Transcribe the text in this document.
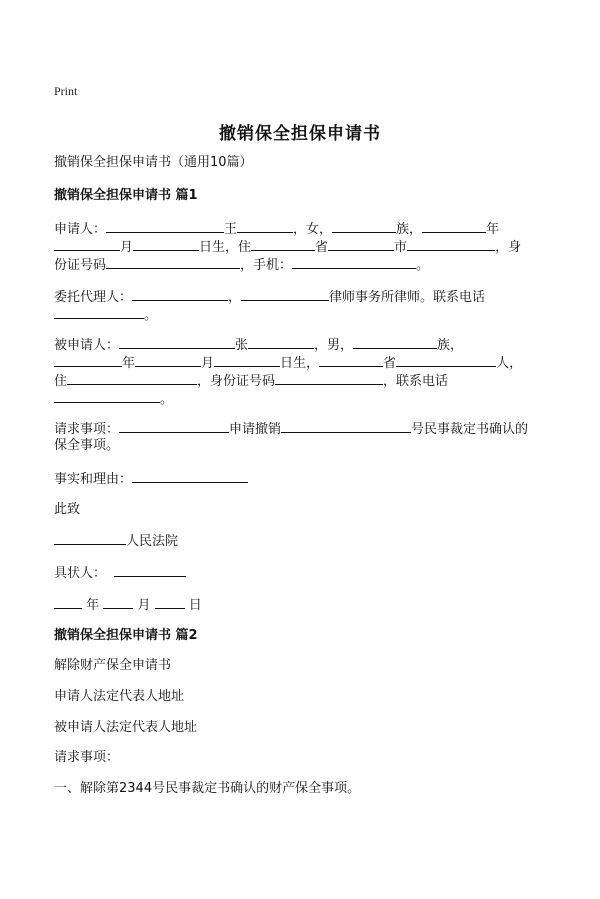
Print
撤销保全担保申请书
撤销保全担保申请书（通用10篇）
撤销保全担保申请书 篇1
申请人：	王	，女，	族，	年
月	日生，住	省	市	，身
份证号码	，手机：	。
委托代理人：	，	律师事务所律师。联系电话
。
被申请人：	张	，男，	族，
年	月	日生，	省	人，
住	，身份证号码	，联系电话
。
请求事项：	申请撤销	号民事裁定书确认的
保全事项。
事实和理由：
此致
人民法院
具状人：
年	月	日
撤销保全担保申请书 篇2
解除财产保全申请书
申请人法定代表人地址
被申请人法定代表人地址
请求事项：
一、解除第2344号民事裁定书确认的财产保全事项。
